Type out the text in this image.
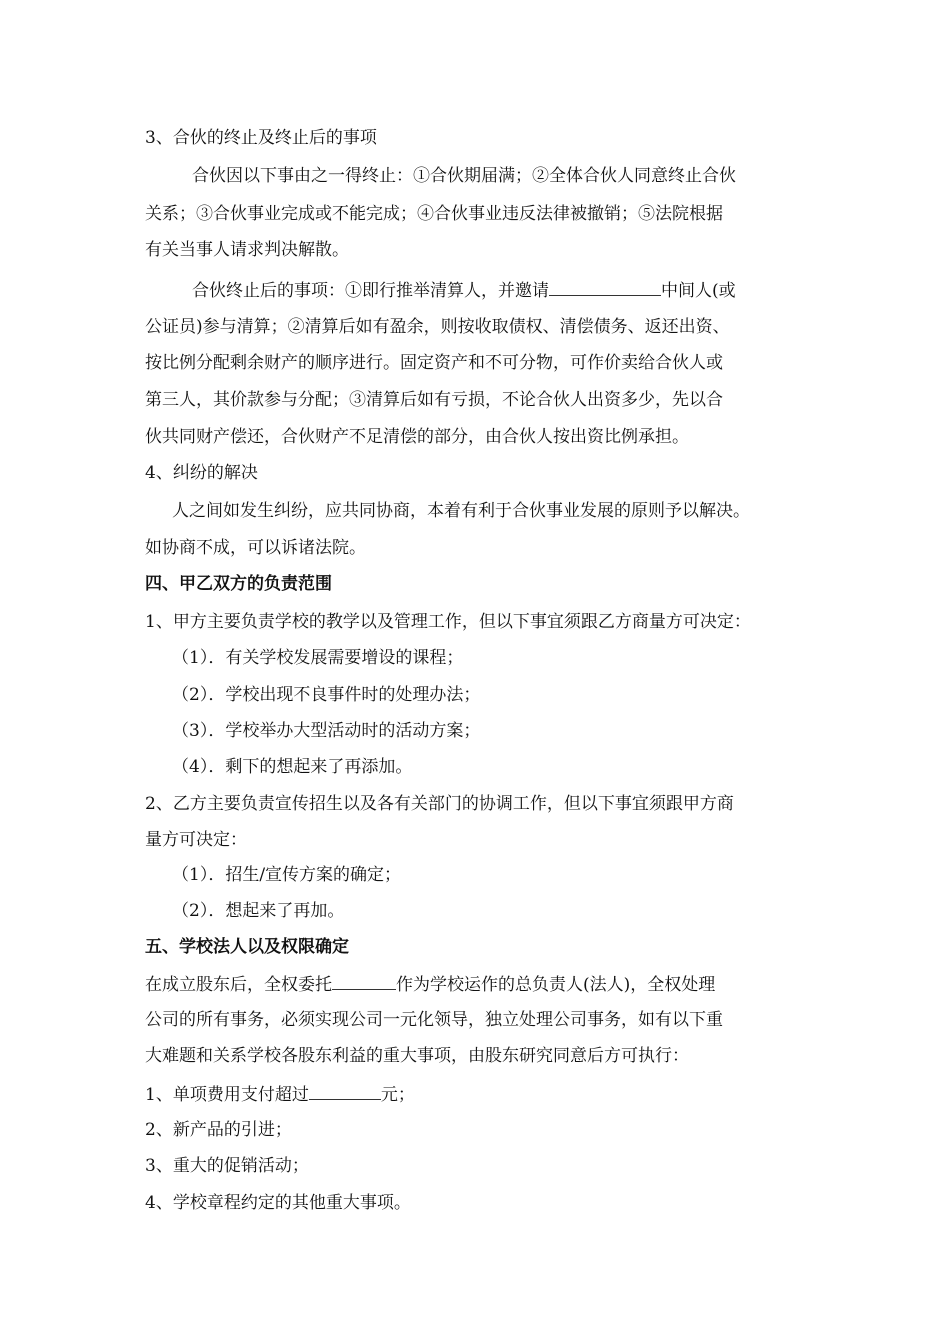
3、合伙的终止及终止后的事项
合伙因以下事由之一得终止：①合伙期届满；②全体合伙人同意终止合伙
关系；③合伙事业完成或不能完成；④合伙事业违反法律被撤销；⑤法院根据
有关当事人请求判决解散。
合伙终止后的事项：①即行推举清算人，并邀请	中间人(或
公证员)参与清算；②清算后如有盈余，则按收取债权、清偿债务、返还出资、
按比例分配剩余财产的顺序进行。固定资产和不可分物，可作价卖给合伙人或
第三人，其价款参与分配；③清算后如有亏损，不论合伙人出资多少，先以合
伙共同财产偿还，合伙财产不足清偿的部分，由合伙人按出资比例承担。
4、纠纷的解决
人之间如发生纠纷，应共同协商，本着有利于合伙事业发展的原则予以解决。
如协商不成，可以诉诸法院。
四、甲乙双方的负责范围
1、甲方主要负责学校的教学以及管理工作，但以下事宜须跟乙方商量方可决定：
（1）．有关学校发展需要增设的课程；
（2）．学校出现不良事件时的处理办法；
（3）．学校举办大型活动时的活动方案；
（4）．剩下的想起来了再添加。
2、乙方主要负责宣传招生以及各有关部门的协调工作，但以下事宜须跟甲方商
量方可决定：
（1）．招生/宣传方案的确定；
（2）．想起来了再加。
五、学校法人以及权限确定
在成立股东后，全权委托	作为学校运作的总负责人(法人)，全权处理
公司的所有事务，必须实现公司一元化领导，独立处理公司事务，如有以下重
大难题和关系学校各股东利益的重大事项，由股东研究同意后方可执行：
1、单项费用支付超过	元；
2、新产品的引进；
3、重大的促销活动；
4、学校章程约定的其他重大事项。
